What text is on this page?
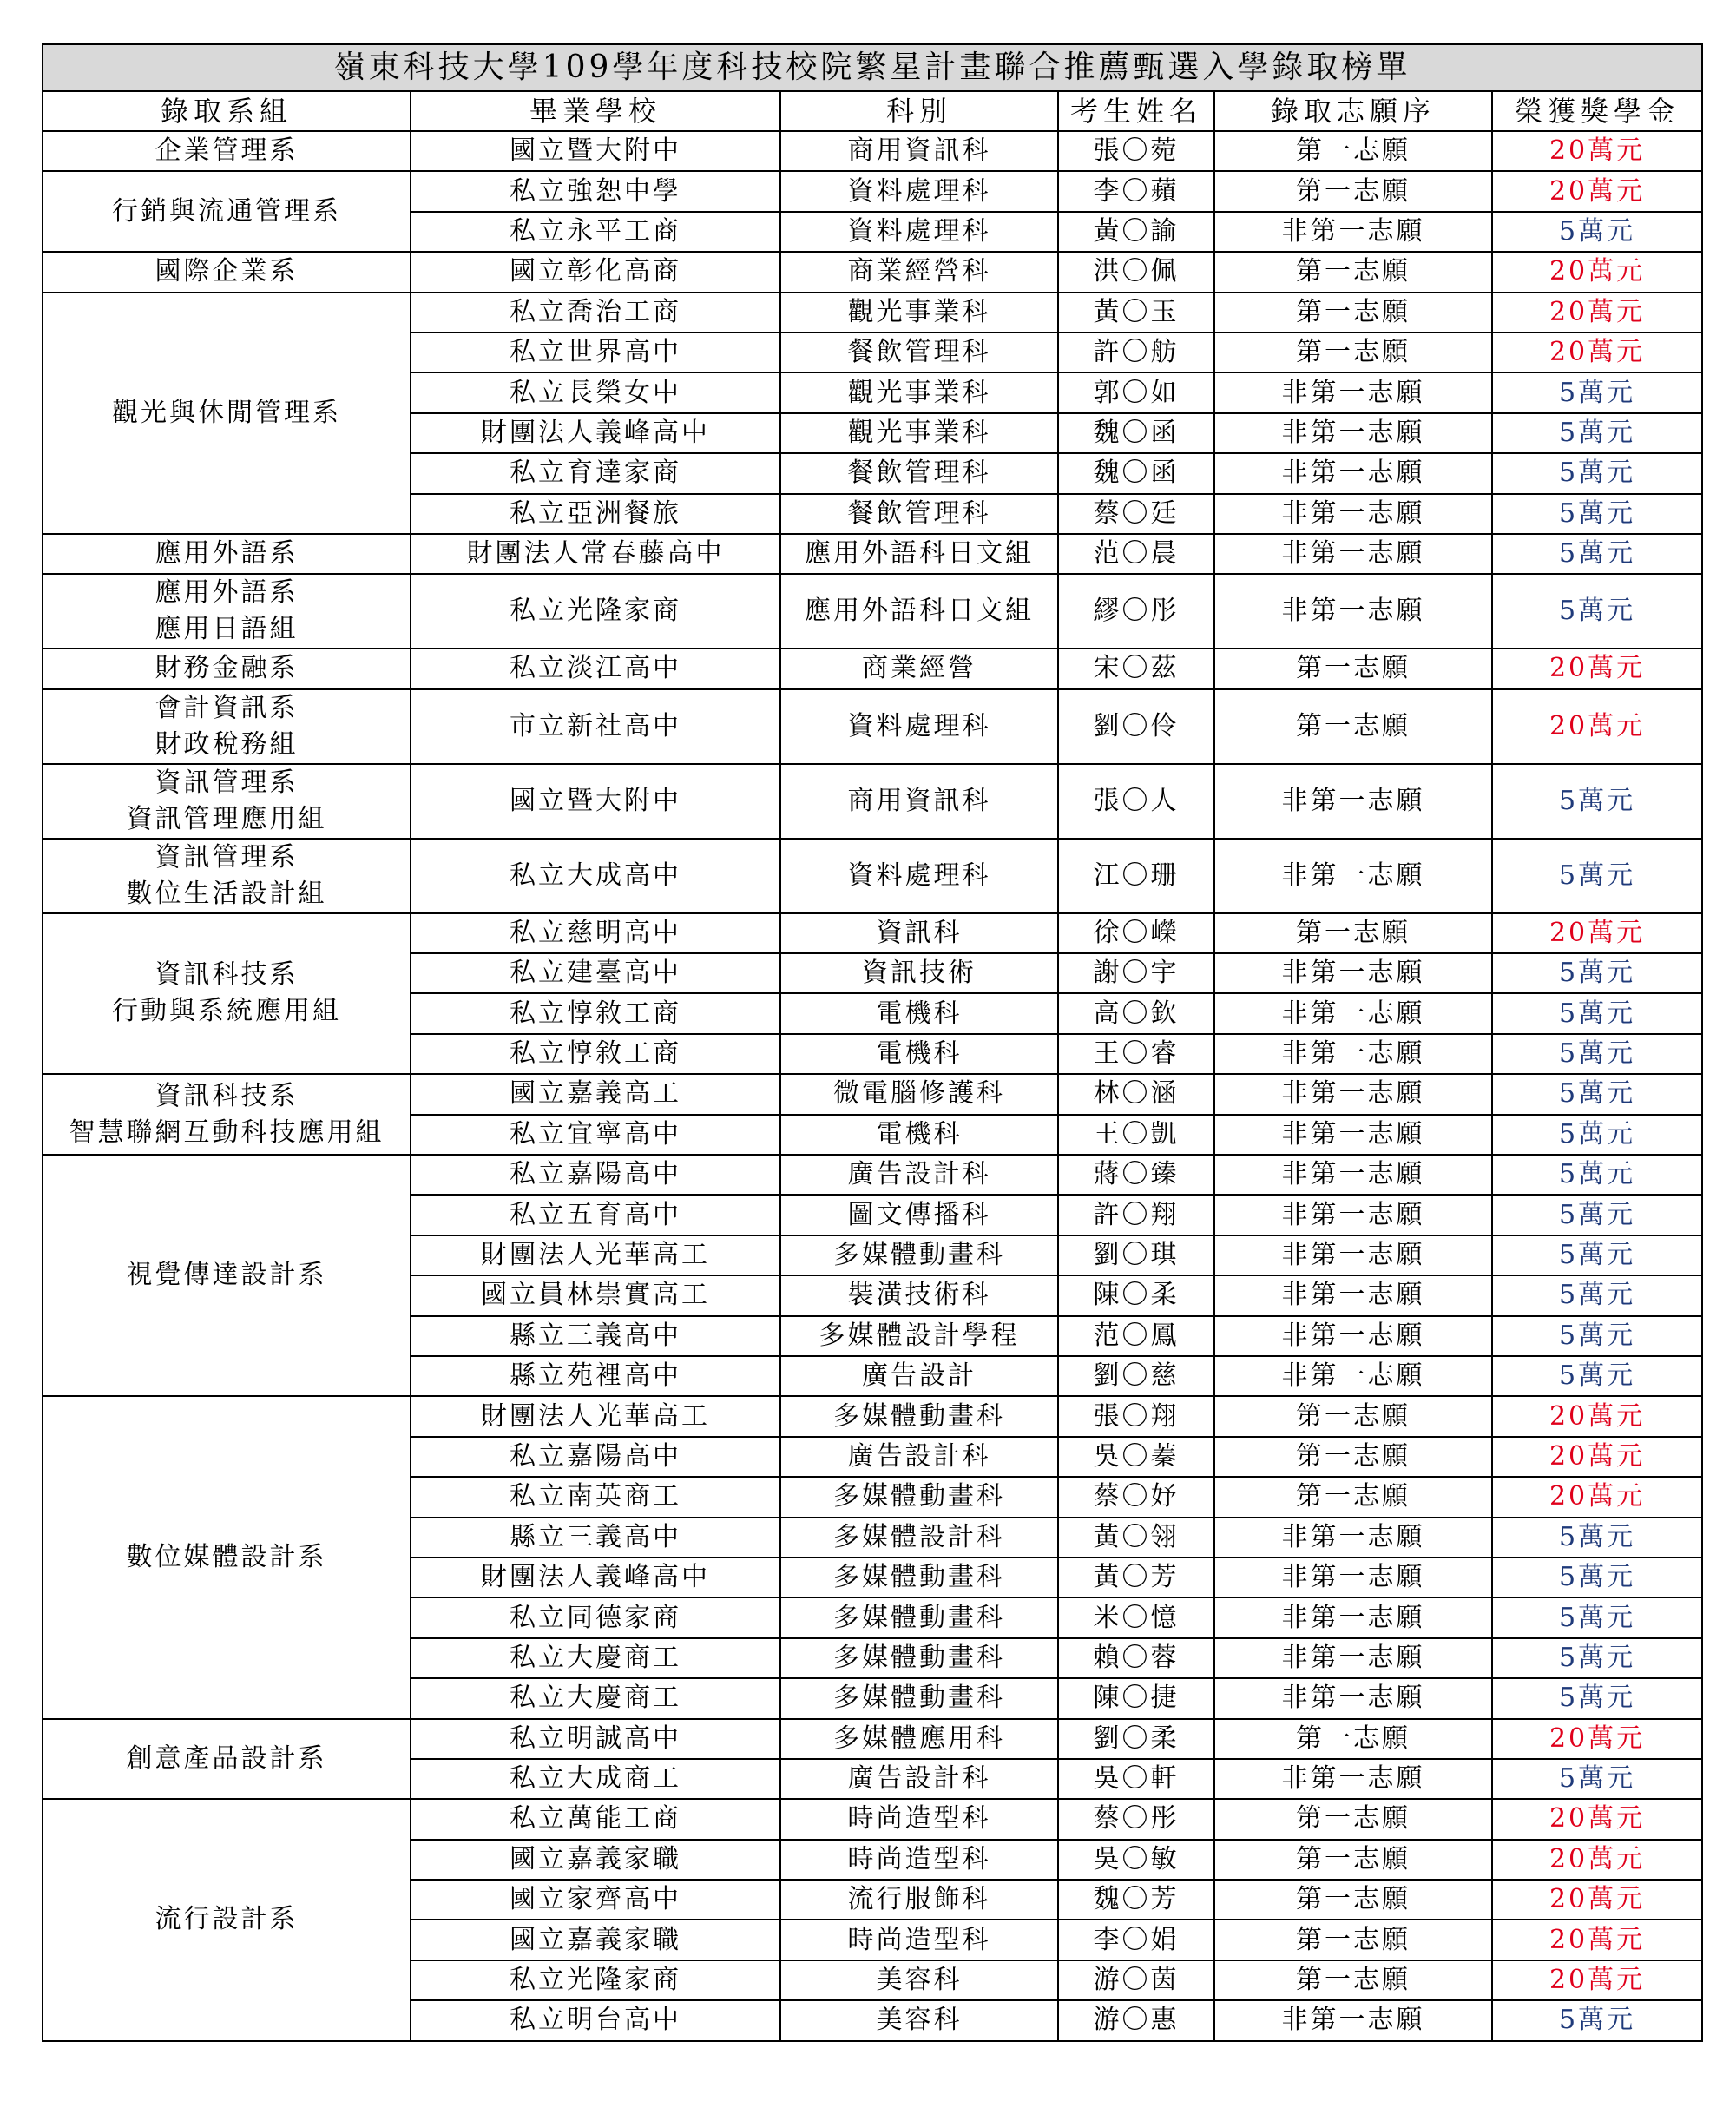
嶺東科技大學109學年度科技校院繁星計畫聯合推薦甄選入學錄取榜單					
錄取系組	畢業學校	科別	考生姓名	錄取志願序	榮獲獎學金

企業管理系	國立暨大附中	商用資訊科	張〇菀	第一志願	20萬元

行銷與流通管理系	私立強恕中學	資料處理科	李〇蘋	第一志願	20萬元
	私立永平工商	資料處理科	黃〇諭	非第一志願	5萬元

國際企業系	國立彰化高商	商業經營科	洪〇佩	第一志願	20萬元

觀光與休閒管理系	私立喬治工商	觀光事業科	黃〇玉	第一志願	20萬元
	私立世界高中	餐飲管理科	許〇舫	第一志願	20萬元
	私立長榮女中	觀光事業科	郭〇如	非第一志願	5萬元
	財團法人義峰高中	觀光事業科	魏〇函	非第一志願	5萬元
	私立育達家商	餐飲管理科	魏〇函	非第一志願	5萬元
	私立亞洲餐旅	餐飲管理科	蔡〇廷	非第一志願	5萬元

應用外語系	財團法人常春藤高中	應用外語科日文組	范〇晨	非第一志願	5萬元

應用外語系
應用日語組	私立光隆家商	應用外語科日文組	繆〇彤	非第一志願	5萬元

財務金融系	私立淡江高中	商業經營	宋〇茲	第一志願	20萬元

會計資訊系
財政稅務組	市立新社高中	資料處理科	劉〇伶	第一志願	20萬元

資訊管理系
資訊管理應用組	國立暨大附中	商用資訊科	張〇人	非第一志願	5萬元

資訊管理系
數位生活設計組	私立大成高中	資料處理科	江〇珊	非第一志願	5萬元

資訊科技系
行動與系統應用組	私立慈明高中	資訊科	徐〇嶸	第一志願	20萬元
	私立建臺高中	資訊技術	謝〇宇	非第一志願	5萬元
	私立惇敘工商	電機科	高〇欽	非第一志願	5萬元
	私立惇敘工商	電機科	王〇睿	非第一志願	5萬元

資訊科技系
智慧聯網互動科技應用組	國立嘉義高工	微電腦修護科	林〇涵	非第一志願	5萬元
	私立宜寧高中	電機科	王〇凱	非第一志願	5萬元

視覺傳達設計系	私立嘉陽高中	廣告設計科	蔣〇臻	非第一志願	5萬元
	私立五育高中	圖文傳播科	許〇翔	非第一志願	5萬元
	財團法人光華高工	多媒體動畫科	劉〇琪	非第一志願	5萬元
	國立員林崇實高工	裝潢技術科	陳〇柔	非第一志願	5萬元
	縣立三義高中	多媒體設計學程	范〇鳳	非第一志願	5萬元
	縣立苑裡高中	廣告設計	劉〇慈	非第一志願	5萬元

數位媒體設計系	財團法人光華高工	多媒體動畫科	張〇翔	第一志願	20萬元
	私立嘉陽高中	廣告設計科	吳〇蓁	第一志願	20萬元
	私立南英商工	多媒體動畫科	蔡〇妤	第一志願	20萬元
	縣立三義高中	多媒體設計科	黃〇翎	非第一志願	5萬元
	財團法人義峰高中	多媒體動畫科	黃〇芳	非第一志願	5萬元
	私立同德家商	多媒體動畫科	米〇憶	非第一志願	5萬元
	私立大慶商工	多媒體動畫科	賴〇蓉	非第一志願	5萬元
	私立大慶商工	多媒體動畫科	陳〇捷	非第一志願	5萬元

創意產品設計系	私立明誠高中	多媒體應用科	劉〇柔	第一志願	20萬元
	私立大成商工	廣告設計科	吳〇軒	非第一志願	5萬元

流行設計系	私立萬能工商	時尚造型科	蔡〇彤	第一志願	20萬元
	國立嘉義家職	時尚造型科	吳〇敏	第一志願	20萬元
	國立家齊高中	流行服飾科	魏〇芳	第一志願	20萬元
	國立嘉義家職	時尚造型科	李〇娟	第一志願	20萬元
	私立光隆家商	美容科	游〇茵	第一志願	20萬元
	私立明台高中	美容科	游〇惠	非第一志願	5萬元
